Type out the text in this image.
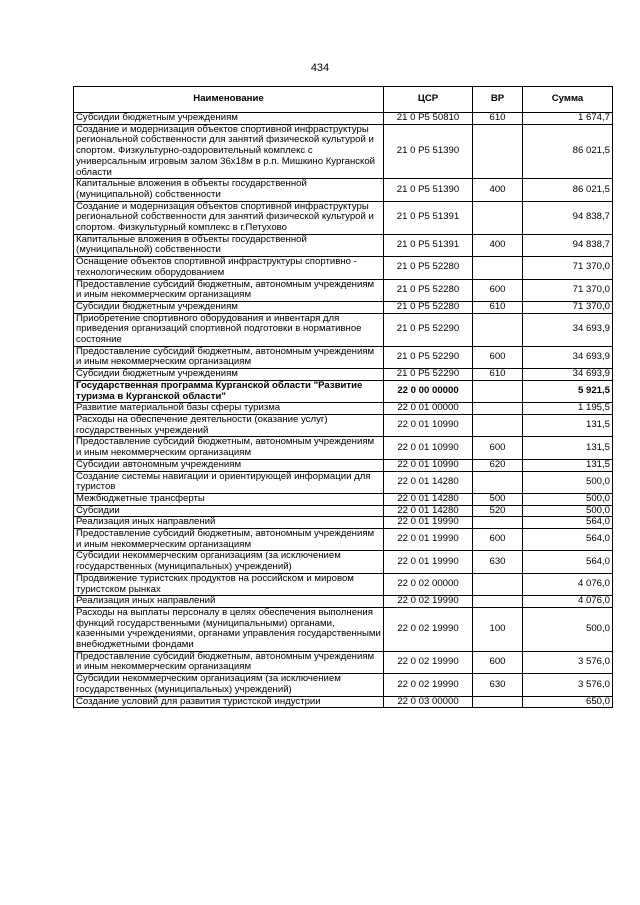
434
Наименование	ЦСР	ВР	Сумма
Субсидии бюджетным учреждениям	21 0 Р5 50810	610	1 674,7
Создание и модернизация объектов спортивной инфраструктуры региональной собственности для занятий физической культурой и спортом. Физкультурно-оздоровительный комплекс с универсальным игровым залом 36х18м в р.п. Мишкино Курганской области	21 0 Р5 51390		86 021,5
Капитальные вложения в объекты государственной (муниципальной) собственности	21 0 Р5 51390	400	86 021,5
Создание и модернизация объектов спортивной инфраструктуры региональной собственности для занятий физической культурой и спортом. Физкультурный комплекс в г.Петухово	21 0 Р5 51391		94 838,7
Капитальные вложения в объекты государственной (муниципальной) собственности	21 0 Р5 51391	400	94 838,7
Оснащение объектов спортивной инфраструктуры спортивно - технологическим оборудованием	21 0 Р5 52280		71 370,0
Предоставление субсидий бюджетным, автономным учреждениям и иным некоммерческим организациям	21 0 Р5 52280	600	71 370,0
Субсидии бюджетным учреждениям	21 0 Р5 52280	610	71 370,0
Приобретение спортивного оборудования и инвентаря для приведения организаций спортивной подготовки в нормативное состояние	21 0 Р5 52290		34 693,9
Предоставление субсидий бюджетным, автономным учреждениям и иным некоммерческим организациям	21 0 Р5 52290	600	34 693,9
Субсидии бюджетным учреждениям	21 0 Р5 52290	610	34 693,9
Государственная программа Курганской области "Развитие туризма в Курганской области"	22 0 00 00000		5 921,5
Развитие материальной базы сферы туризма	22 0 01 00000		1 195,5
Расходы на обеспечение деятельности (оказание услуг) государственных учреждений	22 0 01 10990		131,5
Предоставление субсидий бюджетным, автономным учреждениям и иным некоммерческим организациям	22 0 01 10990	600	131,5
Субсидии автономным учреждениям	22 0 01 10990	620	131,5
Создание системы навигации и ориентирующей информации для туристов	22 0 01 14280		500,0
Межбюджетные трансферты	22 0 01 14280	500	500,0
Субсидии	22 0 01 14280	520	500,0
Реализация иных направлений	22 0 01 19990		564,0
Предоставление субсидий бюджетным, автономным учреждениям и иным некоммерческим организациям	22 0 01 19990	600	564,0
Субсидии некоммерческим организациям (за исключением государственных (муниципальных) учреждений)	22 0 01 19990	630	564,0
Продвижение туристских продуктов на российском и мировом туристском рынках	22 0 02 00000		4 076,0
Реализация иных направлений	22 0 02 19990		4 076,0
Расходы на выплаты персоналу в целях обеспечения выполнения функций государственными (муниципальными) органами, казенными учреждениями, органами управления государственными внебюджетными фондами	22 0 02 19990	100	500,0
Предоставление субсидий бюджетным, автономным учреждениям и иным некоммерческим организациям	22 0 02 19990	600	3 576,0
Субсидии некоммерческим организациям (за исключением государственных (муниципальных) учреждений)	22 0 02 19990	630	3 576,0
Создание условий для развития туристской индустрии	22 0 03 00000		650,0
